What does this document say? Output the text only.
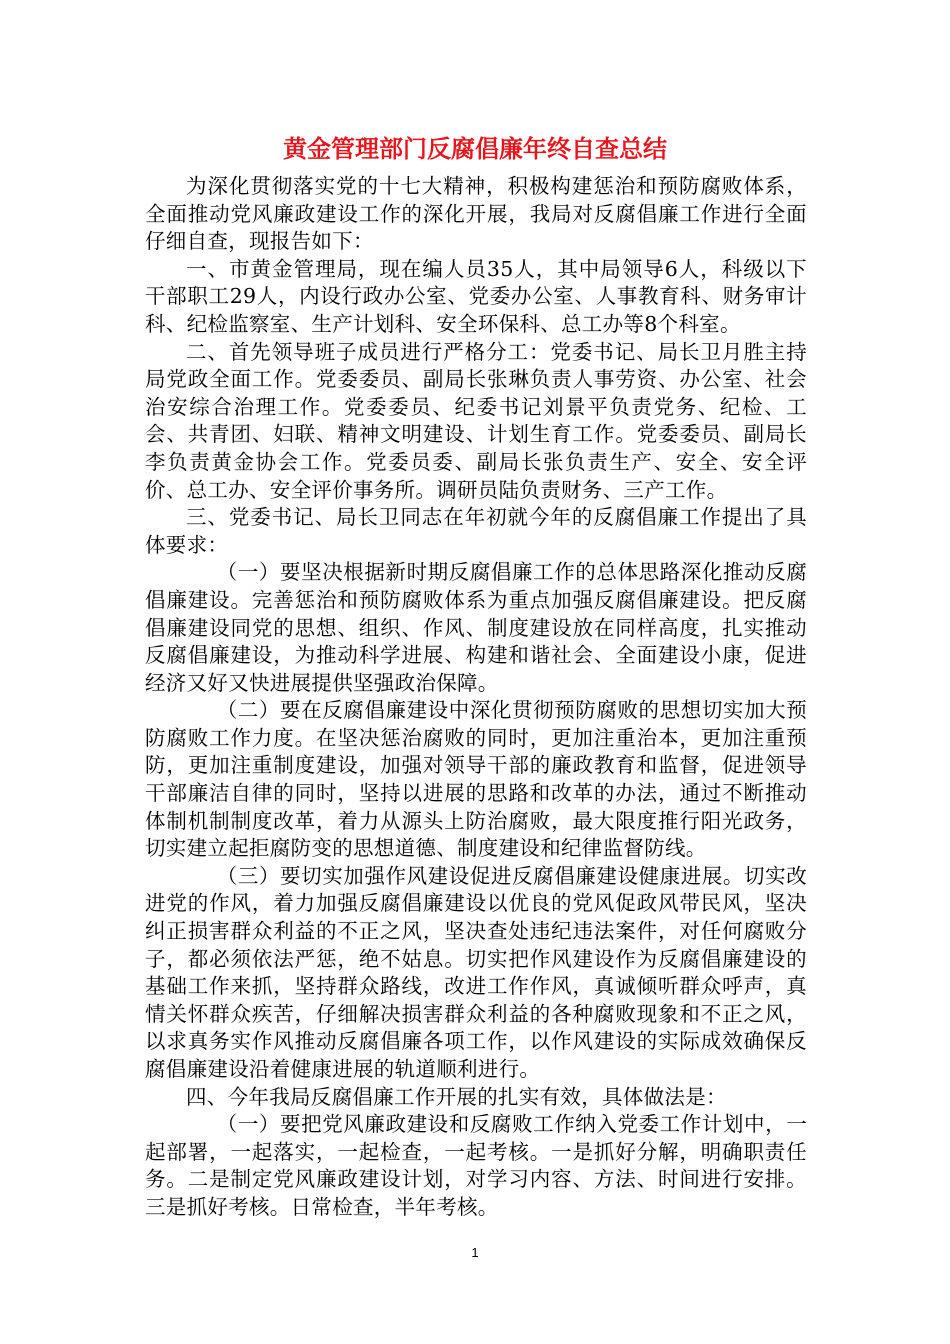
黄金管理部门反腐倡廉年终自查总结

为深化贯彻落实党的十七大精神，积极构建惩治和预防腐败体系，全面推动党风廉政建设工作的深化开展，我局对反腐倡廉工作进行全面仔细自查，现报告如下：

一、市黄金管理局，现在编人员35人，其中局领导6人，科级以下干部职工29人，内设行政办公室、党委办公室、人事教育科、财务审计科、纪检监察室、生产计划科、安全环保科、总工办等8个科室。

二、首先领导班子成员进行严格分工：党委书记、局长卫月胜主持局党政全面工作。党委委员、副局长张琳负责人事劳资、办公室、社会治安综合治理工作。党委委员、纪委书记刘景平负责党务、纪检、工会、共青团、妇联、精神文明建设、计划生育工作。党委委员、副局长李负责黄金协会工作。党委员委、副局长张负责生产、安全、安全评价、总工办、安全评价事务所。调研员陆负责财务、三产工作。

三、党委书记、局长卫同志在年初就今年的反腐倡廉工作提出了具体要求：

（一）要坚决根据新时期反腐倡廉工作的总体思路深化推动反腐倡廉建设。完善惩治和预防腐败体系为重点加强反腐倡廉建设。把反腐倡廉建设同党的思想、组织、作风、制度建设放在同样高度，扎实推动反腐倡廉建设，为推动科学进展、构建和谐社会、全面建设小康，促进经济又好又快进展提供坚强政治保障。

（二）要在反腐倡廉建设中深化贯彻预防腐败的思想切实加大预防腐败工作力度。在坚决惩治腐败的同时，更加注重治本，更加注重预防，更加注重制度建设，加强对领导干部的廉政教育和监督，促进领导干部廉洁自律的同时，坚持以进展的思路和改革的办法，通过不断推动体制机制制度改革，着力从源头上防治腐败，最大限度推行阳光政务，切实建立起拒腐防变的思想道德、制度建设和纪律监督防线。

（三）要切实加强作风建设促进反腐倡廉建设健康进展。切实改进党的作风，着力加强反腐倡廉建设以优良的党风促政风带民风，坚决纠正损害群众利益的不正之风，坚决查处违纪违法案件，对任何腐败分子，都必须依法严惩，绝不姑息。切实把作风建设作为反腐倡廉建设的基础工作来抓，坚持群众路线，改进工作作风，真诚倾听群众呼声，真情关怀群众疾苦，仔细解决损害群众利益的各种腐败现象和不正之风，以求真务实作风推动反腐倡廉各项工作，以作风建设的实际成效确保反腐倡廉建设沿着健康进展的轨道顺利进行。

四、今年我局反腐倡廉工作开展的扎实有效，具体做法是：

（一）要把党风廉政建设和反腐败工作纳入党委工作计划中，一起部署，一起落实，一起检查，一起考核。一是抓好分解，明确职责任务。二是制定党风廉政建设计划，对学习内容、方法、时间进行安排。三是抓好考核。日常检查，半年考核。

1
